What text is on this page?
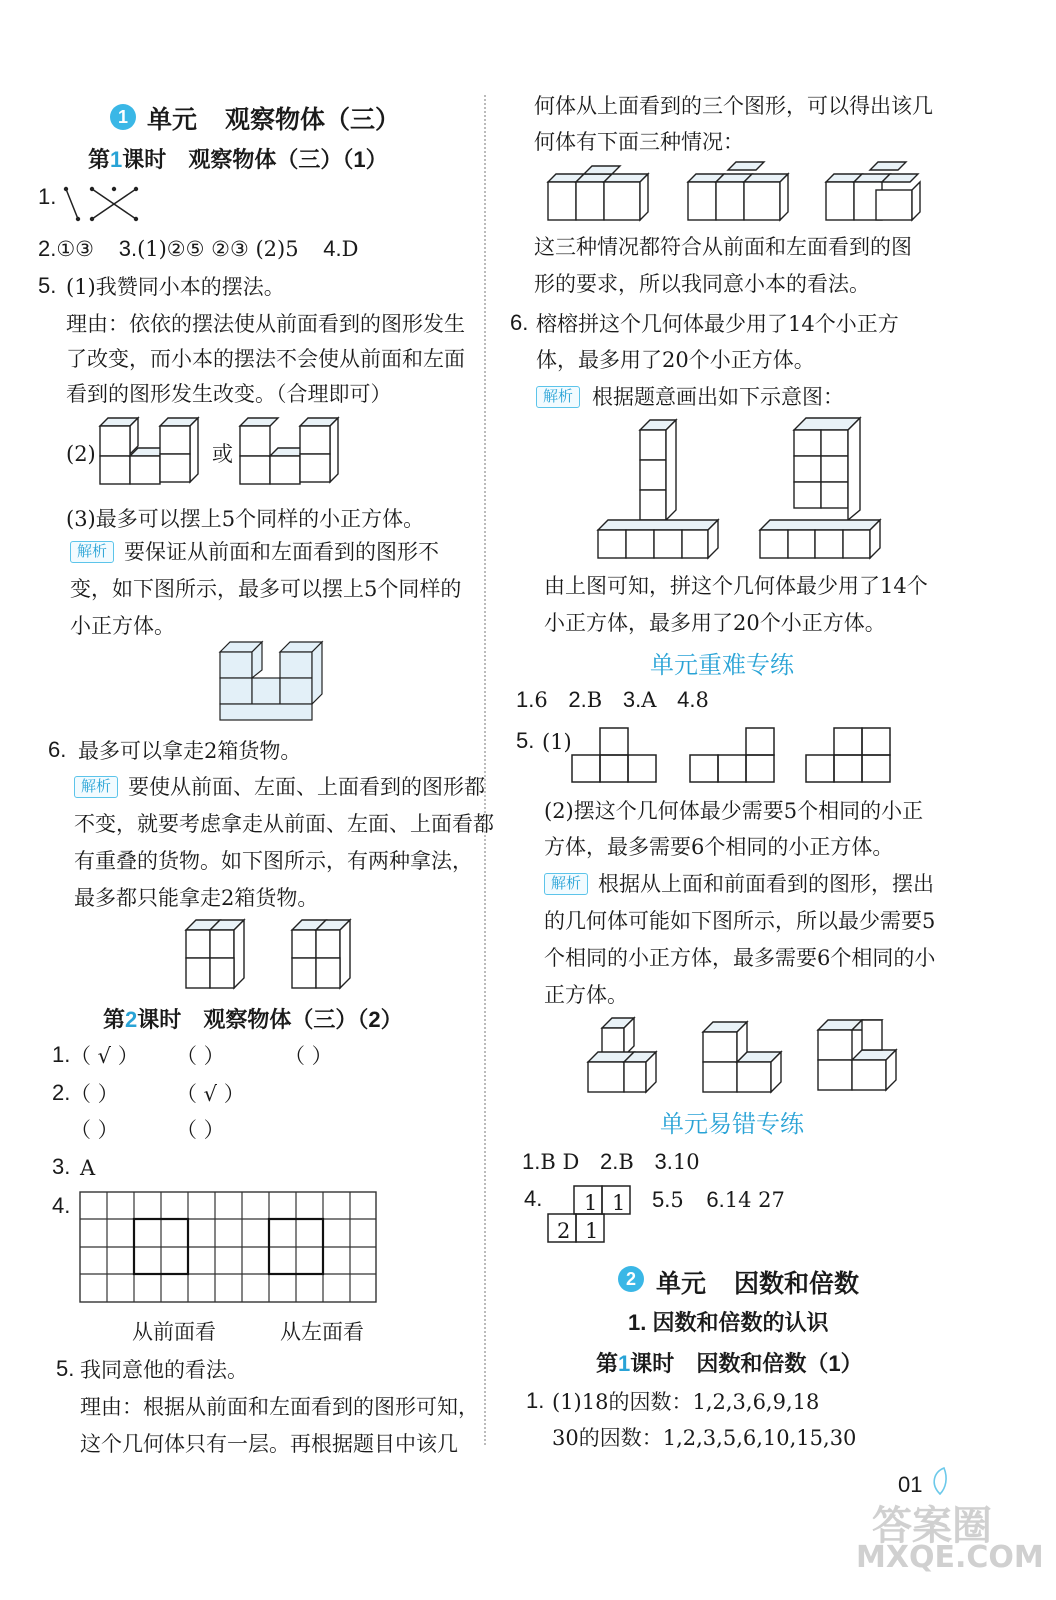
1 单元 观察物体（三）
第1课时 观察物体（三）（1）
1.
2.①③ 3.(1)②⑤ ②③ (2)5 4.D
5. (1)我赞同小本的摆法。
理由：依依的摆法使从前面看到的图形发生
了改变，而小本的摆法不会使从前面和左面
看到的图形发生改变。（合理即可）
(2)	或
(3)最多可以摆上5个同样的小正方体。
解析 要保证从前面和左面看到的图形不
变，如下图所示，最多可以摆上5个同样的
小正方体。
6. 最多可以拿走2箱货物。
解析 要使从前面、左面、上面看到的图形都
不变，就要考虑拿走从前面、左面、上面看都
有重叠的货物。如下图所示，有两种拿法，
最多都只能拿走2箱货物。
第2课时 观察物体（三）（2）
1. （ √ ） （ ）	（ ）
2. （ ）	（ √ ）
（ ）	（ ）
3. A
4.
从前面看	从左面看
5. 我同意他的看法。
理由：根据从前面和左面看到的图形可知，
这个几何体只有一层。再根据题目中该几
何体从上面看到的三个图形，可以得出该几
何体有下面三种情况：
这三种情况都符合从前面和左面看到的图
形的要求，所以我同意小本的看法。
6. 榕榕拼这个几何体最少用了14个小正方
体，最多用了20个小正方体。
解析 根据题意画出如下示意图：
由上图可知，拼这个几何体最少用了14个
小正方体，最多用了20个小正方体。
单元重难专练
1.6 2.B 3.A 4.8
5. (1)
(2)摆这个几何体最少需要5个相同的小正
方体，最多需要6个相同的小正方体。
解析 根据从上面和前面看到的图形，摆出
的几何体可能如下图所示，所以最少需要5
个相同的小正方体，最多需要6个相同的小
正方体。
单元易错专练
1.B D 2.B 3.10
4. 1 1
2 1
5.5 6.14 27
2 单元 因数和倍数
1. 因数和倍数的认识
第1课时 因数和倍数（1）
1. (1)18的因数：1,2,3,6,9,18
30的因数：1,2,3,5,6,10,15,30
01
答案圈
MXQE.COM
